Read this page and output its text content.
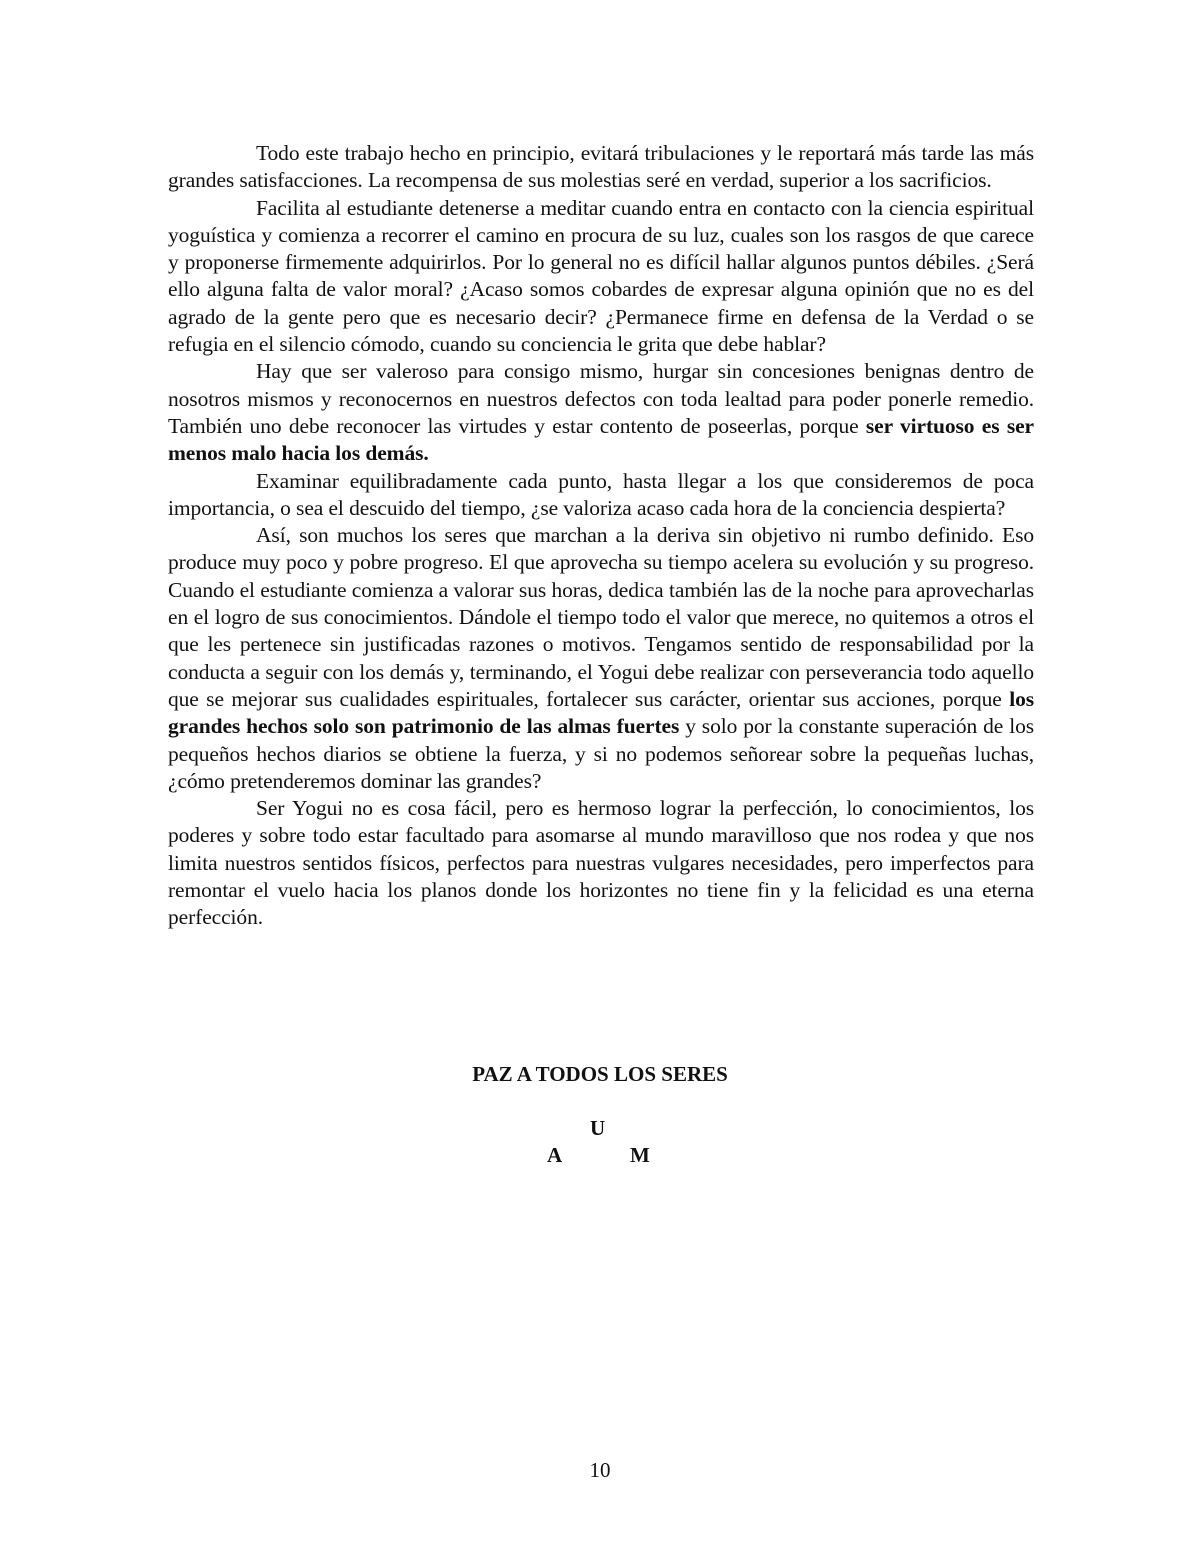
Todo este trabajo hecho en principio, evitará tribulaciones y le reportará más tarde las más grandes satisfacciones. La recompensa de sus molestias seré en verdad, superior a los sacrificios.

Facilita al estudiante detenerse a meditar cuando entra en contacto con la ciencia espiritual yoguística y comienza a recorrer el camino en procura de su luz, cuales son los rasgos de que carece y proponerse firmemente adquirirlos. Por lo general no es difícil hallar algunos puntos débiles. ¿Será ello alguna falta de valor moral? ¿Acaso somos cobardes de expresar alguna opinión que no es del agrado de la gente pero que es necesario decir? ¿Permanece firme en defensa de la Verdad o se refugia en el silencio cómodo, cuando su conciencia le grita que debe hablar?

Hay que ser valeroso para consigo mismo, hurgar sin concesiones benignas dentro de nosotros mismos y reconocernos en nuestros defectos con toda lealtad para poder ponerle remedio. También uno debe reconocer las virtudes y estar contento de poseerlas, porque ser virtuoso es ser menos malo hacia los demás.

Examinar equilibradamente cada punto, hasta llegar a los que consideremos de poca importancia, o sea el descuido del tiempo, ¿se valoriza acaso cada hora de la conciencia despierta?

Así, son muchos los seres que marchan a la deriva sin objetivo ni rumbo definido. Eso produce muy poco y pobre progreso. El que aprovecha su tiempo acelera su evolución y su progreso. Cuando el estudiante comienza a valorar sus horas, dedica también las de la noche para aprovecharlas en el logro de sus conocimientos. Dándole el tiempo todo el valor que merece, no quitemos a otros el que les pertenece sin justificadas razones o motivos. Tengamos sentido de responsabilidad por la conducta a seguir con los demás y, terminando, el Yogui debe realizar con perseverancia todo aquello que se mejorar sus cualidades espirituales, fortalecer sus carácter, orientar sus acciones, porque los grandes hechos solo son patrimonio de las almas fuertes y solo por la constante superación de los pequeños hechos diarios se obtiene la fuerza, y si no podemos señorear sobre la pequeñas luchas, ¿cómo pretenderemos dominar las grandes?

Ser Yogui no es cosa fácil, pero es hermoso lograr la perfección, lo conocimientos, los poderes y sobre todo estar facultado para asomarse al mundo maravilloso que nos rodea y que nos limita nuestros sentidos físicos, perfectos para nuestras vulgares necesidades, pero imperfectos para remontar el vuelo hacia los planos donde los horizontes no tiene fin y la felicidad es una eterna perfección.

PAZ A TODOS LOS SERES
U
A	M
10
